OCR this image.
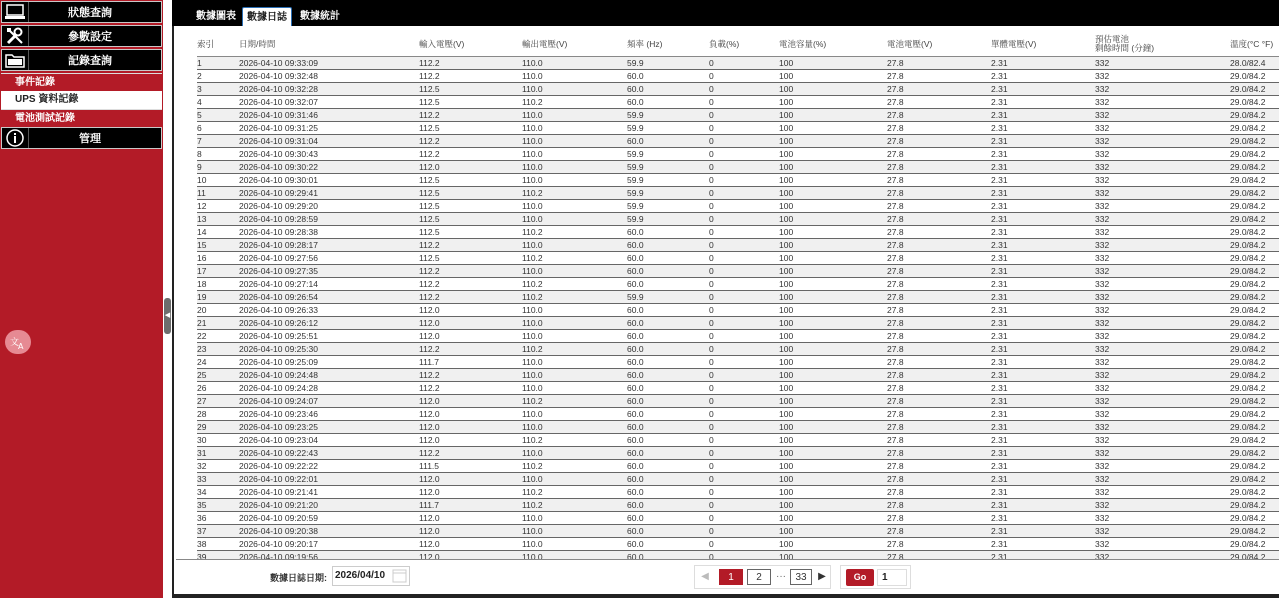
狀態查詢
參數設定
記錄查詢
事件記錄
UPS 資料記錄
電池測試記錄
管理
文
A
◀
數據圖表	數據日誌	數據統計
索引	日期/時間	輸入電壓(V)	輸出電壓(V)	頻率 (Hz)	負載(%)	電池容量(%)	電池電壓(V)	單體電壓(V)	預估電池
剩餘時間 (分鐘)	溫度(°C °F)
1	2026-04-10 09:33:09	112.2	110.0	59.9	0	100	27.8	2.31	332	28.0/82.4
2	2026-04-10 09:32:48	112.2	110.0	60.0	0	100	27.8	2.31	332	29.0/84.2
3	2026-04-10 09:32:28	112.5	110.0	60.0	0	100	27.8	2.31	332	29.0/84.2
4	2026-04-10 09:32:07	112.5	110.2	60.0	0	100	27.8	2.31	332	29.0/84.2
5	2026-04-10 09:31:46	112.2	110.0	59.9	0	100	27.8	2.31	332	29.0/84.2
6	2026-04-10 09:31:25	112.5	110.0	59.9	0	100	27.8	2.31	332	29.0/84.2
7	2026-04-10 09:31:04	112.2	110.0	60.0	0	100	27.8	2.31	332	29.0/84.2
8	2026-04-10 09:30:43	112.2	110.0	59.9	0	100	27.8	2.31	332	29.0/84.2
9	2026-04-10 09:30:22	112.0	110.0	59.9	0	100	27.8	2.31	332	29.0/84.2
10	2026-04-10 09:30:01	112.5	110.0	59.9	0	100	27.8	2.31	332	29.0/84.2
11	2026-04-10 09:29:41	112.5	110.2	59.9	0	100	27.8	2.31	332	29.0/84.2
12	2026-04-10 09:29:20	112.5	110.0	59.9	0	100	27.8	2.31	332	29.0/84.2
13	2026-04-10 09:28:59	112.5	110.0	59.9	0	100	27.8	2.31	332	29.0/84.2
14	2026-04-10 09:28:38	112.5	110.2	60.0	0	100	27.8	2.31	332	29.0/84.2
15	2026-04-10 09:28:17	112.2	110.0	60.0	0	100	27.8	2.31	332	29.0/84.2
16	2026-04-10 09:27:56	112.5	110.2	60.0	0	100	27.8	2.31	332	29.0/84.2
17	2026-04-10 09:27:35	112.2	110.0	60.0	0	100	27.8	2.31	332	29.0/84.2
18	2026-04-10 09:27:14	112.2	110.2	60.0	0	100	27.8	2.31	332	29.0/84.2
19	2026-04-10 09:26:54	112.2	110.2	59.9	0	100	27.8	2.31	332	29.0/84.2
20	2026-04-10 09:26:33	112.0	110.0	60.0	0	100	27.8	2.31	332	29.0/84.2
21	2026-04-10 09:26:12	112.0	110.0	60.0	0	100	27.8	2.31	332	29.0/84.2
22	2026-04-10 09:25:51	112.0	110.0	60.0	0	100	27.8	2.31	332	29.0/84.2
23	2026-04-10 09:25:30	112.2	110.2	60.0	0	100	27.8	2.31	332	29.0/84.2
24	2026-04-10 09:25:09	111.7	110.0	60.0	0	100	27.8	2.31	332	29.0/84.2
25	2026-04-10 09:24:48	112.2	110.0	60.0	0	100	27.8	2.31	332	29.0/84.2
26	2026-04-10 09:24:28	112.2	110.0	60.0	0	100	27.8	2.31	332	29.0/84.2
27	2026-04-10 09:24:07	112.0	110.2	60.0	0	100	27.8	2.31	332	29.0/84.2
28	2026-04-10 09:23:46	112.0	110.0	60.0	0	100	27.8	2.31	332	29.0/84.2
29	2026-04-10 09:23:25	112.0	110.0	60.0	0	100	27.8	2.31	332	29.0/84.2
30	2026-04-10 09:23:04	112.0	110.2	60.0	0	100	27.8	2.31	332	29.0/84.2
31	2026-04-10 09:22:43	112.2	110.0	60.0	0	100	27.8	2.31	332	29.0/84.2
32	2026-04-10 09:22:22	111.5	110.2	60.0	0	100	27.8	2.31	332	29.0/84.2
33	2026-04-10 09:22:01	112.0	110.0	60.0	0	100	27.8	2.31	332	29.0/84.2
34	2026-04-10 09:21:41	112.0	110.2	60.0	0	100	27.8	2.31	332	29.0/84.2
35	2026-04-10 09:21:20	111.7	110.2	60.0	0	100	27.8	2.31	332	29.0/84.2
36	2026-04-10 09:20:59	112.0	110.0	60.0	0	100	27.8	2.31	332	29.0/84.2
37	2026-04-10 09:20:38	112.0	110.0	60.0	0	100	27.8	2.31	332	29.0/84.2
38	2026-04-10 09:20:17	112.0	110.0	60.0	0	100	27.8	2.31	332	29.0/84.2
39	2026-04-10 09:19:56	112.0	110.0	60.0	0	100	27.8	2.31	332	29.0/84.2
數據日誌日期: 2026/04/10	◀	1	2	··· 33	▶	Go	1
